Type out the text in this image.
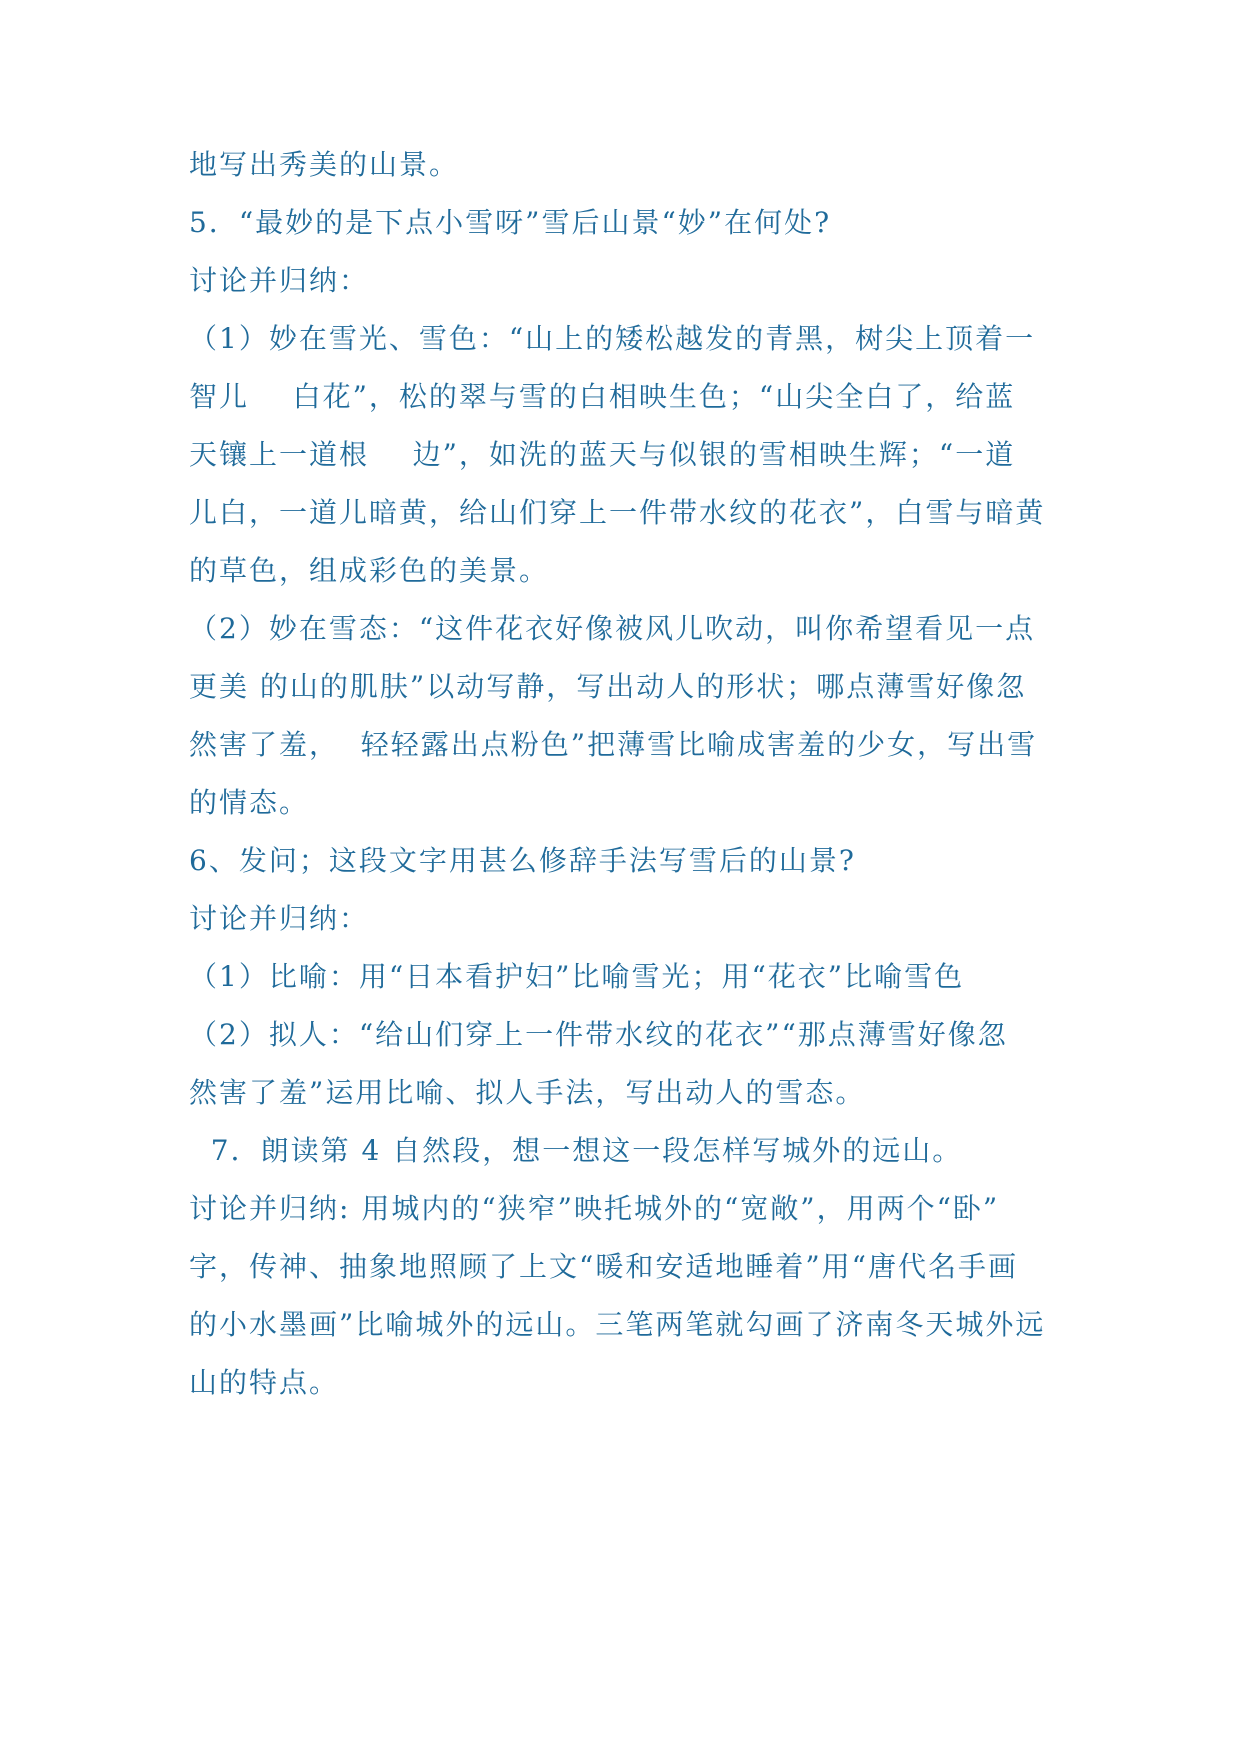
地写出秀美的山景。
5．“最妙的是下点小雪呀”雪后山景“妙”在何处?
讨论并归纳：
（1）妙在雪光、雪色：“山上的矮松越发的青黑，树尖上顶着一
智儿    白花”，松的翠与雪的白相映生色；“山尖全白了，给蓝
天镶上一道根    边”，如洗的蓝天与似银的雪相映生辉；“一道
儿白，一道儿暗黄，给山们穿上一件带水纹的花衣”，白雪与暗黄
的草色，组成彩色的美景。
（2）妙在雪态：“这件花衣好像被风儿吹动，叫你希望看见一点
更美 的山的肌肤”以动写静，写出动人的形状；哪点薄雪好像忽
然害了羞，  轻轻露出点粉色”把薄雪比喻成害羞的少女，写出雪
的情态。
6、发问；这段文字用甚么修辞手法写雪后的山景?
讨论并归纳：
（1）比喻：用“日本看护妇”比喻雪光；用“花衣”比喻雪色
（2）拟人：“给山们穿上一件带水纹的花衣”“那点薄雪好像忽
然害了羞”运用比喻、拟人手法，写出动人的雪态。
7．朗读第 4 自然段，想一想这一段怎样写城外的远山。
讨论并归纳: 用城内的“狭窄”映托城外的“宽敞”，用两个“卧”
字，传神、抽象地照顾了上文“暖和安适地睡着”用“唐代名手画
的小水墨画”比喻城外的远山。三笔两笔就勾画了济南冬天城外远
山的特点。
